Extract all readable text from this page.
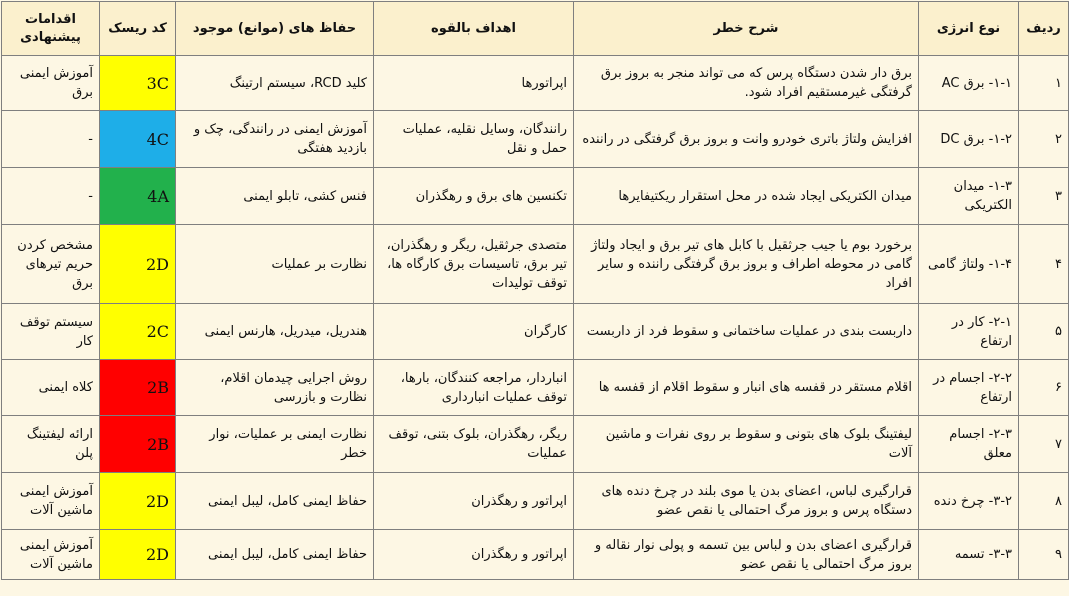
ردیف	نوع انرژی	شرح خطر	اهداف بالقوه	حفاظ های (موانع) موجود	کد ریسک	اقدامات پیشنهادی
۱	۱-۱- برق AC	برق دار شدن دستگاه پرس که می تواند منجر به بروز برق گرفتگی غیرمستقیم افراد شود.	اپراتورها	کلید RCD، سیستم ارتینگ	3C	آموزش ایمنی برق
۲	۱-۲- برق DC	افزایش ولتاژ باتری خودرو وانت و بروز برق گرفتگی در راننده	رانندگان، وسایل نقلیه، عملیات حمل و نقل	آموزش ایمنی در رانندگی، چک و بازدید هفتگی	4C	-
۳	۱-۳- میدان الکتریکی	میدان الکتریکی ایجاد شده در محل استقرار ریکتیفایرها	تکنسین های برق و رهگذران	فنس کشی، تابلو ایمنی	4A	-
۴	۱-۴- ولتاژ گامی	برخورد بوم یا جیب جرثقیل با کابل های تیر برق و ایجاد ولتاژ گامی در محوطه اطراف و بروز برق گرفتگی راننده و سایر افراد	متصدی جرثقیل، ریگر و رهگذران، تیر برق، تاسیسات برق کارگاه ها، توقف تولیدات	نظارت بر عملیات	2D	مشخص کردن حریم تیرهای برق
۵	۲-۱- کار در ارتفاع	داربست بندی در عملیات ساختمانی و سقوط فرد از داربست	کارگران	هندریل، میدریل، هارنس ایمنی	2C	سیستم توقف کار
۶	۲-۲- اجسام در ارتفاع	اقلام مستقر در قفسه های انبار و سقوط اقلام از قفسه ها	انباردار، مراجعه کنندگان، بارها، توقف عملیات انبارداری	روش اجرایی چیدمان اقلام، نظارت و بازرسی	2B	کلاه ایمنی
۷	۲-۳- اجسام معلق	لیفتینگ بلوک های بتونی و سقوط بر روی نفرات و ماشین آلات	ریگر، رهگذران، بلوک بتنی، توقف عملیات	نظارت ایمنی بر عملیات، نوار خطر	2B	ارائه لیفتینگ پلن
۸	۳-۲- چرخ دنده	قرارگیری لباس، اعضای بدن یا موی بلند در چرخ دنده های دستگاه پرس و بروز مرگ احتمالی یا نقص عضو	اپراتور و رهگذران	حفاظ ایمنی کامل، لیبل ایمنی	2D	آموزش ایمنی ماشین آلات
۹	۳-۳- تسمه	قرارگیری اعضای بدن و لباس بین تسمه و پولی نوار نقاله و بروز مرگ احتمالی یا نقص عضو	اپراتور و رهگذران	حفاظ ایمنی کامل، لیبل ایمنی	2D	آموزش ایمنی ماشین آلات
